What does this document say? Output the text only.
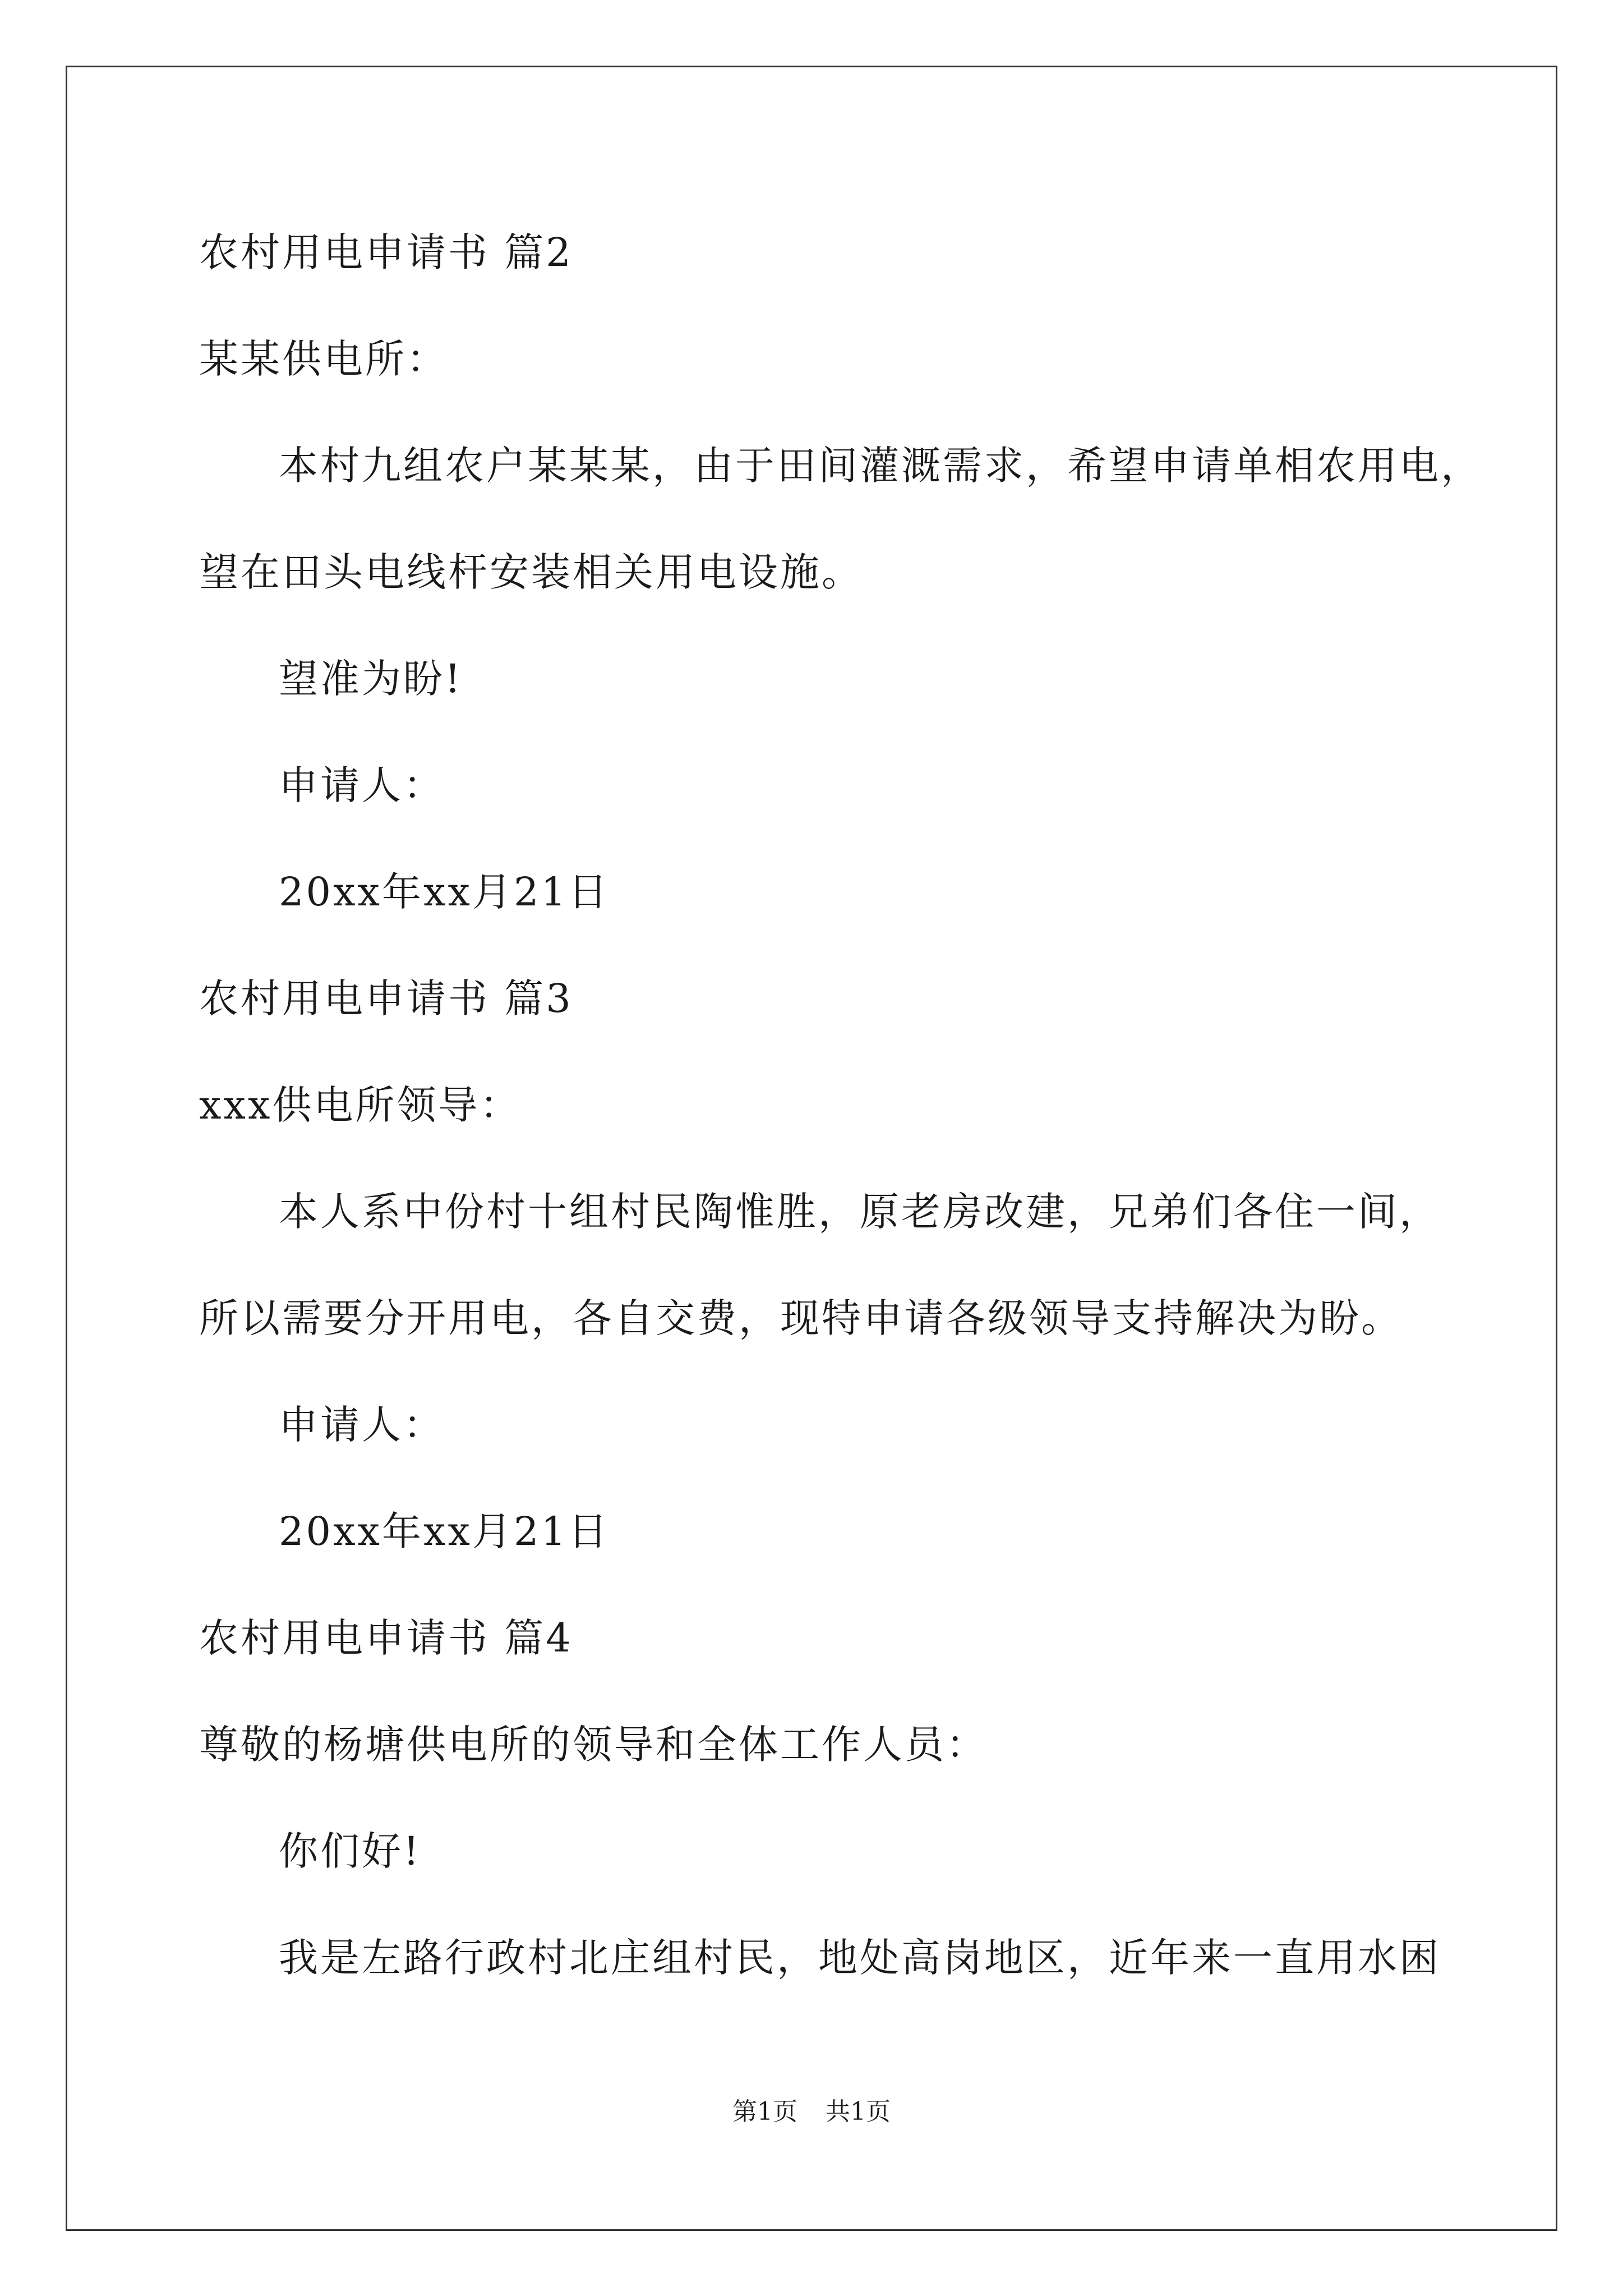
农村用电申请书 篇2
某某供电所：
本村九组农户某某某，由于田间灌溉需求，希望申请单相农用电，
望在田头电线杆安装相关用电设施。
望准为盼!
申请人：
20xx年xx月21日
农村用电申请书 篇3
xxx供电所领导：
本人系中份村十组村民陶惟胜，原老房改建，兄弟们各住一间，
所以需要分开用电，各自交费，现特申请各级领导支持解决为盼。
申请人：
20xx年xx月21日
农村用电申请书 篇4
尊敬的杨塘供电所的领导和全体工作人员：
你们好!
我是左路行政村北庄组村民，地处高岗地区，近年来一直用水困
第1页 共1页
